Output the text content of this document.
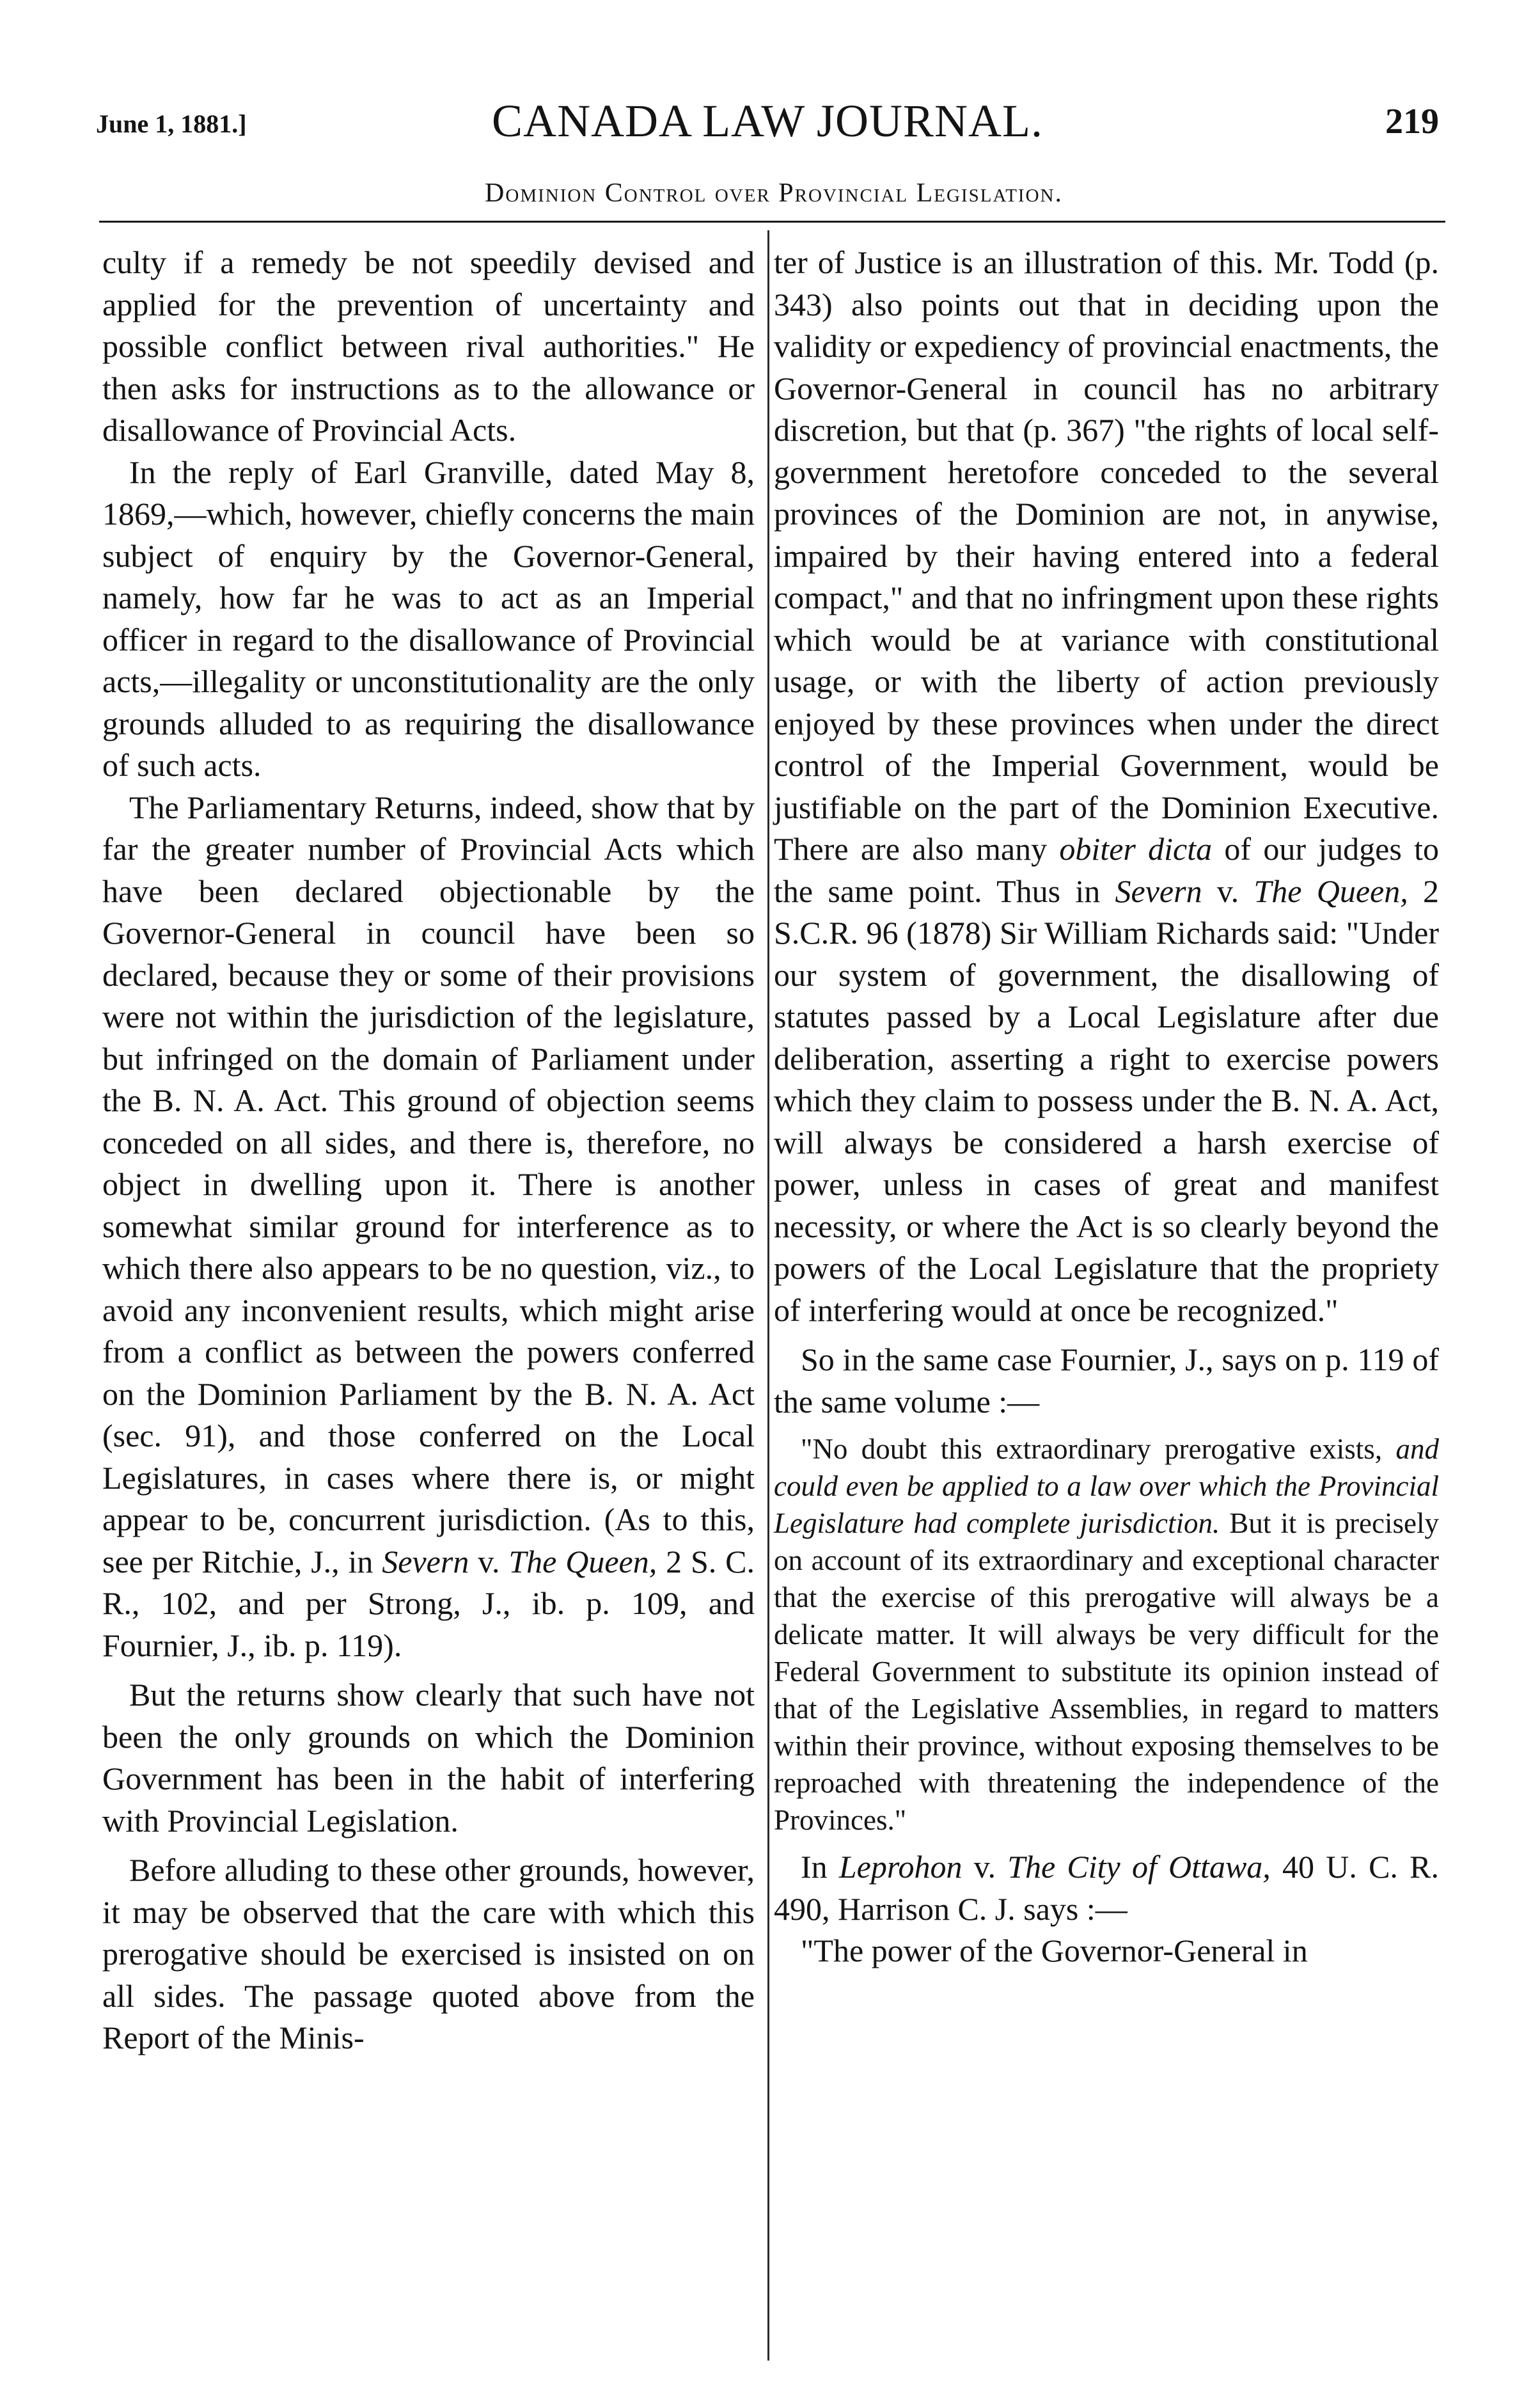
June 1, 1881.]	CANADA LAW JOURNAL.	219
Dominion Control over Provincial Legislation.

culty if a remedy be not speedily devised and applied for the prevention of uncertainty and possible conflict between rival authorities." He then asks for instructions as to the allowance or disallowance of Provincial Acts.

In the reply of Earl Granville, dated May 8, 1869,—which, however, chiefly concerns the main subject of enquiry by the Governor-General, namely, how far he was to act as an Imperial officer in regard to the disallowance of Provincial acts,—illegality or unconstitutionality are the only grounds alluded to as requiring the disallowance of such acts.

The Parliamentary Returns, indeed, show that by far the greater number of Provincial Acts which have been declared objectionable by the Governor-General in council have been so declared, because they or some of their provisions were not within the jurisdiction of the legislature, but infringed on the domain of Parliament under the B. N. A. Act. This ground of objection seems conceded on all sides, and there is, therefore, no object in dwelling upon it. There is another somewhat similar ground for interference as to which there also appears to be no question, viz., to avoid any inconvenient results, which might arise from a conflict as between the powers conferred on the Dominion Parliament by the B. N. A. Act (sec. 91), and those conferred on the Local Legislatures, in cases where there is, or might appear to be, concurrent jurisdiction. (As to this, see per Ritchie, J., in Severn v. The Queen, 2 S. C. R., 102, and per Strong, J., ib. p. 109, and Fournier, J., ib. p. 119).

But the returns show clearly that such have not been the only grounds on which the Dominion Government has been in the habit of interfering with Provincial Legislation.

Before alluding to these other grounds, however, it may be observed that the care with which this prerogative should be exercised is insisted on on all sides. The passage quoted above from the Report of the Minis-

ter of Justice is an illustration of this. Mr. Todd (p. 343) also points out that in deciding upon the validity or expediency of provincial enactments, the Governor-General in council has no arbitrary discretion, but that (p. 367) "the rights of local self-government heretofore conceded to the several provinces of the Dominion are not, in anywise, impaired by their having entered into a federal compact," and that no infringment upon these rights which would be at variance with constitutional usage, or with the liberty of action previously enjoyed by these provinces when under the direct control of the Imperial Government, would be justifiable on the part of the Dominion Executive. There are also many obiter dicta of our judges to the same point. Thus in Severn v. The Queen, 2 S.C.R. 96 (1878) Sir William Richards said: "Under our system of government, the disallowing of statutes passed by a Local Legislature after due deliberation, asserting a right to exercise powers which they claim to possess under the B. N. A. Act, will always be considered a harsh exercise of power, unless in cases of great and manifest necessity, or where the Act is so clearly beyond the powers of the Local Legislature that the propriety of interfering would at once be recognized."

So in the same case Fournier, J., says on p. 119 of the same volume :—

"No doubt this extraordinary prerogative exists, and could even be applied to a law over which the Provincial Legislature had complete jurisdiction. But it is precisely on account of its extraordinary and exceptional character that the exercise of this prerogative will always be a delicate matter. It will always be very difficult for the Federal Government to substitute its opinion instead of that of the Legislative Assemblies, in regard to matters within their province, without exposing themselves to be reproached with threatening the independence of the Provinces."

In Leprohon v. The City of Ottawa, 40 U. C. R. 490, Harrison C. J. says :—

"The power of the Governor-General in
